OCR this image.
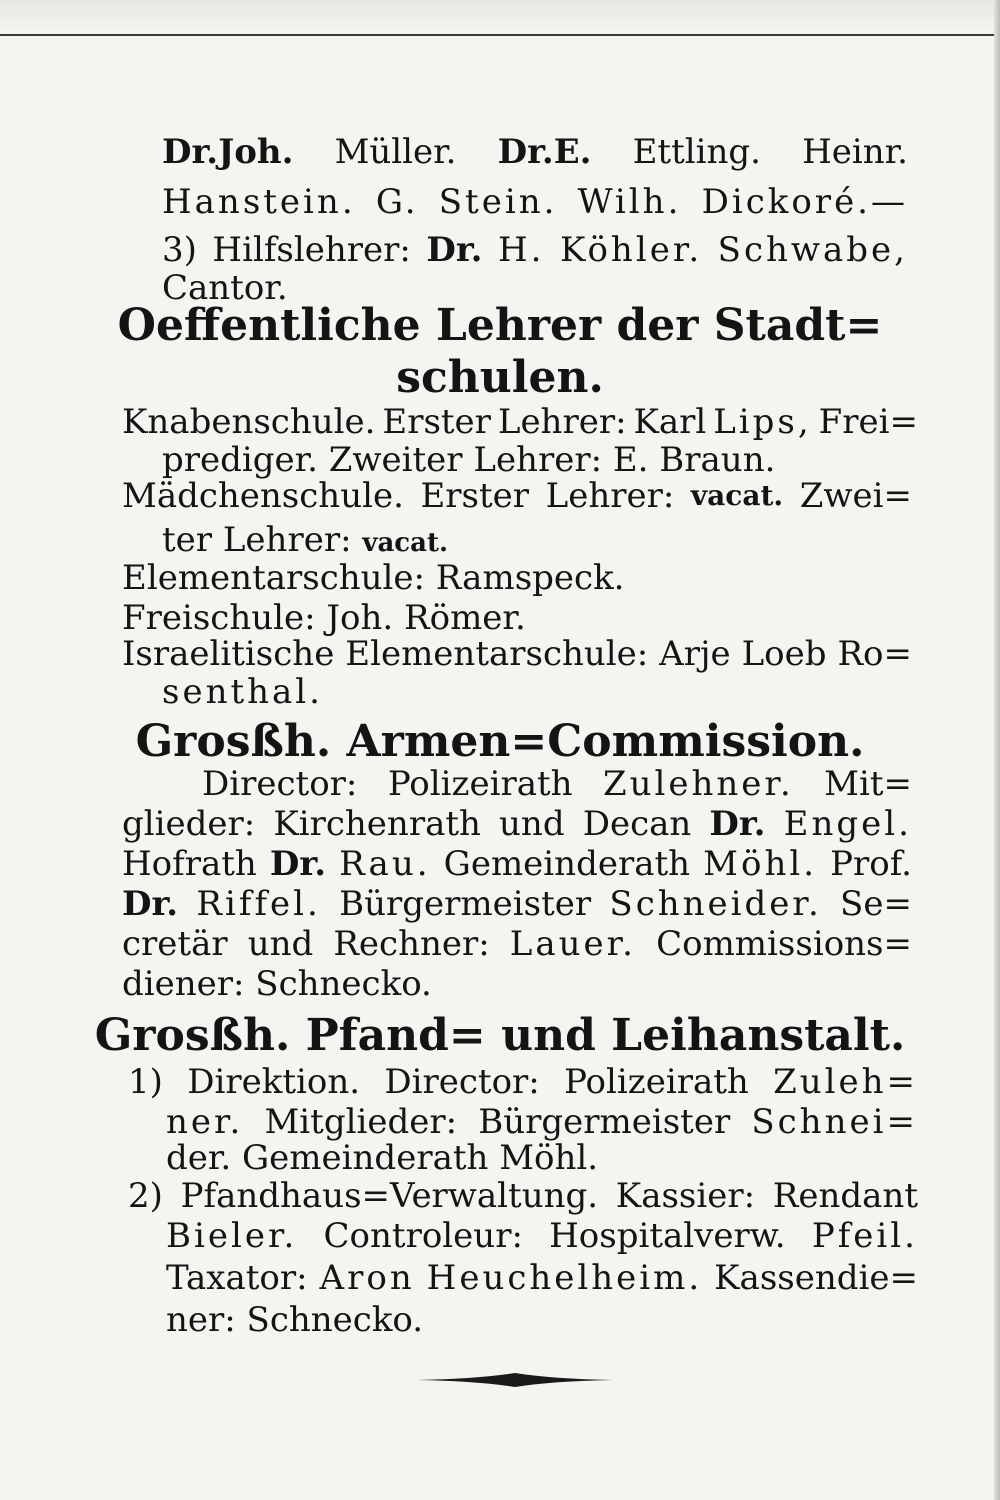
Dr.Joh. Müller. Dr.E. Ettling. Heinr.
Hanstein. G. Stein. Wilh. Dickoré.—
3) Hilfslehrer: Dr. H. Köhler. Schwabe,
Cantor.
Oeffentliche Lehrer der Stadt=
schulen.
Knabenschule. Erster Lehrer: Karl Lips, Frei=
prediger. Zweiter Lehrer: E. Braun.
Mädchenschule. Erster Lehrer: vacat. Zwei=
ter Lehrer: vacat.
Elementarschule: Ramspeck.
Freischule: Joh. Römer.
Israelitische Elementarschule: Arje Loeb Ro=
senthal.
Grosßh. Armen=Commission.
Director: Polizeirath Zulehner. Mit=
glieder: Kirchenrath und Decan Dr. Engel.
Hofrath Dr. Rau. Gemeinderath Möhl. Prof.
Dr. Riffel. Bürgermeister Schneider. Se=
cretär und Rechner: Lauer. Commissions=
diener: Schnecko.
Grosßh. Pfand= und Leihanstalt.
1) Direktion. Director: Polizeirath Zuleh=
ner. Mitglieder: Bürgermeister Schnei=
der. Gemeinderath Möhl.
2) Pfandhaus=Verwaltung. Kassier: Rendant
Bieler. Controleur: Hospitalverw. Pfeil.
Taxator: Aron Heuchelheim. Kassendie=
ner: Schnecko.
